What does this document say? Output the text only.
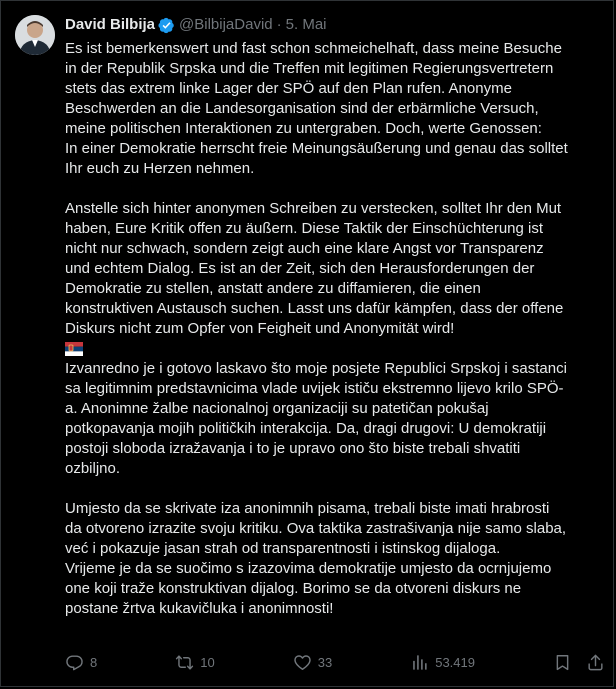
David Bilbija @BilbijaDavid · 5. Mai

Es ist bemerkenswert und fast schon schmeichelhaft, dass meine Besuche
in der Republik Srpska und die Treffen mit legitimen Regierungsvertretern
stets das extrem linke Lager der SPÖ auf den Plan rufen. Anonyme
Beschwerden an die Landesorganisation sind der erbärmliche Versuch,
meine politischen Interaktionen zu untergraben. Doch, werte Genossen:
In einer Demokratie herrscht freie Meinungsäußerung und genau das solltet
Ihr euch zu Herzen nehmen.

Anstelle sich hinter anonymen Schreiben zu verstecken, solltet Ihr den Mut
haben, Eure Kritik offen zu äußern. Diese Taktik der Einschüchterung ist
nicht nur schwach, sondern zeigt auch eine klare Angst vor Transparenz
und echtem Dialog. Es ist an der Zeit, sich den Herausforderungen der
Demokratie zu stellen, anstatt andere zu diffamieren, die einen
konstruktiven Austausch suchen. Lasst uns dafür kämpfen, dass der offene
Diskurs nicht zum Opfer von Feigheit und Anonymität wird!

Izvanredno je i gotovo laskavo što moje posjete Republici Srpskoj i sastanci
sa legitimnim predstavnicima vlade uvijek ističu ekstremno lijevo krilo SPÖ-
a. Anonimne žalbe nacionalnoj organizaciji su patetičan pokušaj
potkopavanja mojih političkih interakcija. Da, dragi drugovi: U demokratiji
postoji sloboda izražavanja i to je upravo ono što biste trebali shvatiti
ozbiljno.

Umjesto da se skrivate iza anonimnih pisama, trebali biste imati hrabrosti
da otvoreno izrazite svoju kritiku. Ova taktika zastrašivanja nije samo slaba,
već i pokazuje jasan strah od transparentnosti i istinskog dijaloga.
Vrijeme je da se suočimo s izazovima demokratije umjesto da ocrnjujemo
one koji traže konstruktivan dijalog. Borimo se da otvoreni diskurs ne
postane žrtva kukavičluka i anonimnosti!

8	10	33	53.419
